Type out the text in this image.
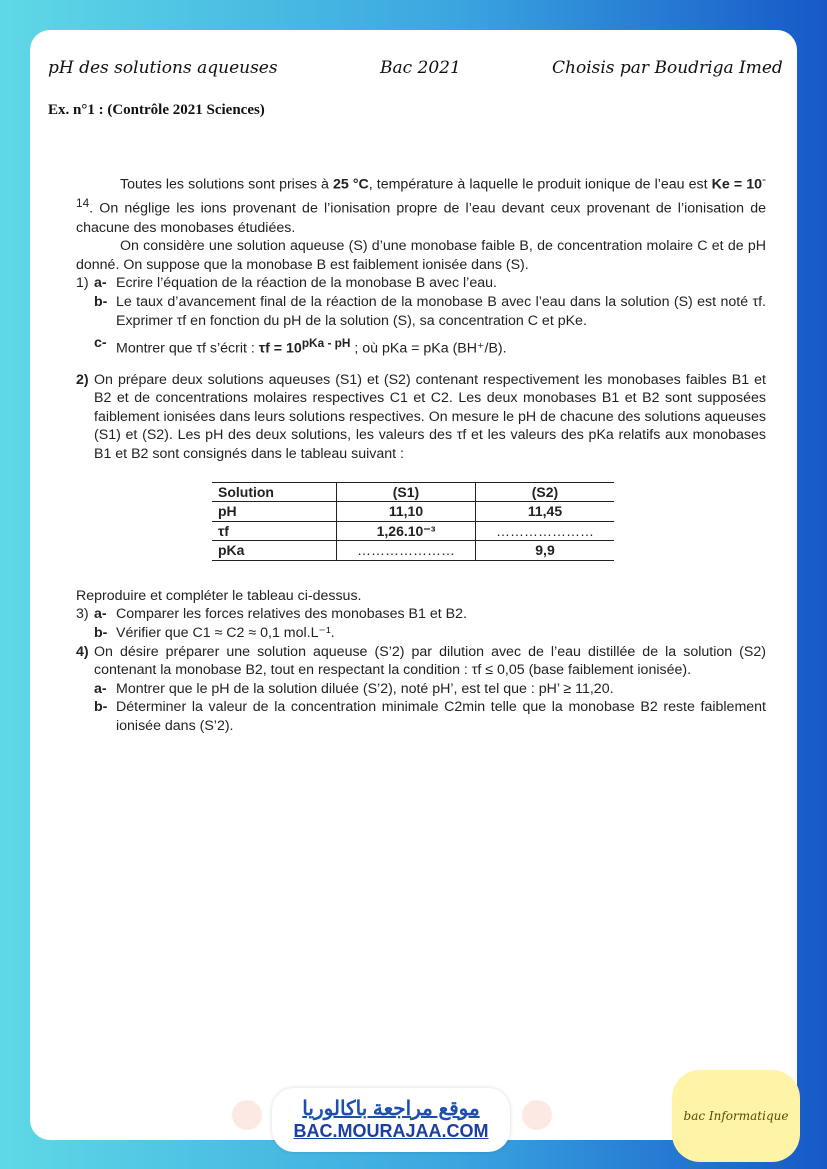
pH des solutions aqueuses	Bac 2021	Choisis par Boudriga Imed
Ex. n°1 : (Contrôle 2021 Sciences)

Toutes les solutions sont prises à 25 °C, température à laquelle le produit ionique de l’eau est $Ke = 10^{-14}$. On néglige les ions provenant de l’ionisation propre de l’eau devant ceux provenant de l’ionisation de chacune des monobases étudiées.

On considère une solution aqueuse (S) d’une monobase faible B, de concentration molaire C et de pH donné. On suppose que la monobase B est faiblement ionisée dans (S).

1) a- Ecrire l’équation de la réaction de la monobase B avec l’eau.
b- Le taux d’avancement final de la réaction de la monobase B avec l’eau dans la solution (S) est noté τf. Exprimer τf en fonction du pH de la solution (S), sa concentration C et pKe.
c- Montrer que τf s’écrit : $\tau f = 10^{pKa - pH}$ ; où pKa = pKa (BH⁺/B).
2) On prépare deux solutions aqueuses (S1) et (S2) contenant respectivement les monobases faibles B1 et B2 et de concentrations molaires respectives C1 et C2. Les deux monobases B1 et B2 sont supposées faiblement ionisées dans leurs solutions respectives. On mesure le pH de chacune des solutions aqueuses (S1) et (S2). Les pH des deux solutions, les valeurs des τf et les valeurs des pKa relatifs aux monobases B1 et B2 sont consignés dans le tableau suivant :
Solution	(S1)	(S2)
pH	11,10	11,45
τf	1,26.10⁻³	…………………
pKa	…………………	9,9

Reproduire et compléter le tableau ci-dessus.

3) a- Comparer les forces relatives des monobases B1 et B2.
b- Vérifier que C1 ≈ C2 ≈ 0,1 mol.L⁻¹.
4) On désire préparer une solution aqueuse (S’2) par dilution avec de l’eau distillée de la solution (S2) contenant la monobase B2, tout en respectant la condition : τf ≤ 0,05 (base faiblement ionisée).
a- Montrer que le pH de la solution diluée (S’2), noté pH’, est tel que : pH’ ≥ 11,20.
b- Déterminer la valeur de la concentration minimale C2min telle que la monobase B2 reste faiblement ionisée dans (S’2).
موقع مراجعة باكالوريا
BAC.MOURAJAA.COM
bac Informatique
